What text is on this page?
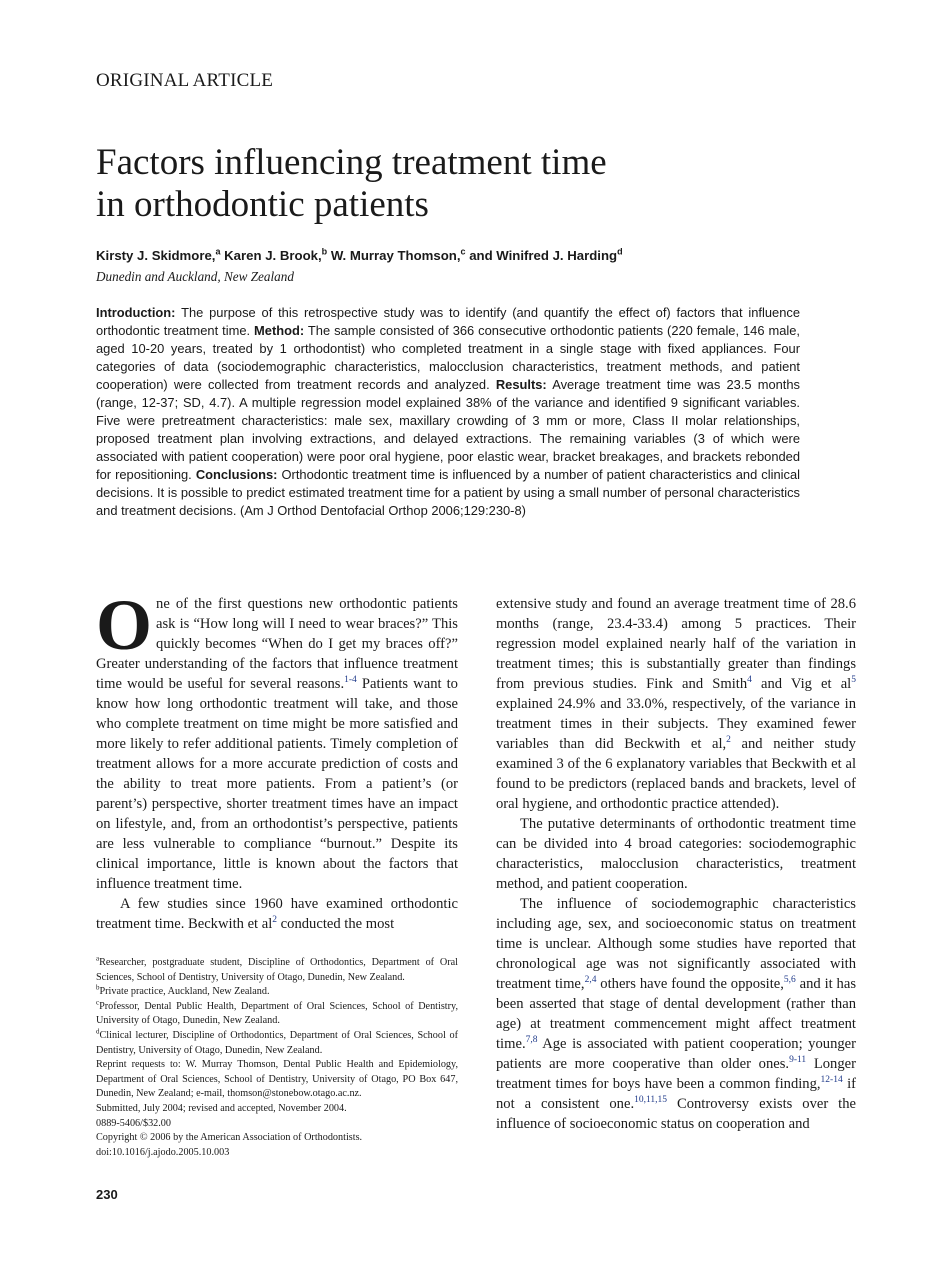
ORIGINAL ARTICLE
Factors influencing treatment time
in orthodontic patients
Kirsty J. Skidmore,$^a$ Karen J. Brook,$^b$ W. Murray Thomson,$^c$ and Winifred J. Harding$^d$
Dunedin and Auckland, New Zealand

Introduction: The purpose of this retrospective study was to identify (and quantify the effect of) factors that influence orthodontic treatment time. Method: The sample consisted of 366 consecutive orthodontic patients (220 female, 146 male, aged 10-20 years, treated by 1 orthodontist) who completed treatment in a single stage with fixed appliances. Four categories of data (sociodemographic characteristics, malocclusion characteristics, treatment methods, and patient cooperation) were collected from treatment records and analyzed. Results: Average treatment time was 23.5 months (range, 12-37; SD, 4.7). A multiple regression model explained 38% of the variance and identified 9 significant variables. Five were pretreatment characteristics: male sex, maxillary crowding of 3 mm or more, Class II molar relationships, proposed treatment plan involving extractions, and delayed extractions. The remaining variables (3 of which were associated with patient cooperation) were poor oral hygiene, poor elastic wear, bracket breakages, and brackets rebonded for repositioning. Conclusions: Orthodontic treatment time is influenced by a number of patient characteristics and clinical decisions. It is possible to predict estimated treatment time for a patient by using a small number of personal characteristics and treatment decisions. (Am J Orthod Dentofacial Orthop 2006;129:230-8)

One of the first questions new orthodontic patients ask is “How long will I need to wear braces?” This quickly becomes “When do I get my braces off?” Greater understanding of the factors that influence treatment time would be useful for several reasons.$^{1-4}$ Patients want to know how long orthodontic treatment will take, and those who complete treatment on time might be more satisfied and more likely to refer additional patients. Timely completion of treatment allows for a more accurate prediction of costs and the ability to treat more patients. From a patient’s (or parent’s) perspective, shorter treatment times have an impact on lifestyle, and, from an orthodontist’s perspective, patients are less vulnerable to compliance “burnout.” Despite its clinical importance, little is known about the factors that influence treatment time.

A few studies since 1960 have examined orthodontic treatment time. Beckwith et al$^2$ conducted the most

$^a$Researcher, postgraduate student, Discipline of Orthodontics, Department of Oral Sciences, School of Dentistry, University of Otago, Dunedin, New Zealand.

$^b$Private practice, Auckland, New Zealand.

$^c$Professor, Dental Public Health, Department of Oral Sciences, School of Dentistry, University of Otago, Dunedin, New Zealand.

$^d$Clinical lecturer, Discipline of Orthodontics, Department of Oral Sciences, School of Dentistry, University of Otago, Dunedin, New Zealand.

Reprint requests to: W. Murray Thomson, Dental Public Health and Epidemiology, Department of Oral Sciences, School of Dentistry, University of Otago, PO Box 647, Dunedin, New Zealand; e-mail, thomson@stonebow.otago.ac.nz.

Submitted, July 2004; revised and accepted, November 2004.

0889-5406/$32.00

Copyright © 2006 by the American Association of Orthodontists.

doi:10.1016/j.ajodo.2005.10.003

extensive study and found an average treatment time of 28.6 months (range, 23.4-33.4) among 5 practices. Their regression model explained nearly half of the variation in treatment times; this is substantially greater than findings from previous studies. Fink and Smith$^4$ and Vig et al$^5$ explained 24.9% and 33.0%, respectively, of the variance in treatment times in their subjects. They examined fewer variables than did Beckwith et al,$^2$ and neither study examined 3 of the 6 explanatory variables that Beckwith et al found to be predictors (replaced bands and brackets, level of oral hygiene, and orthodontic practice attended).

The putative determinants of orthodontic treatment time can be divided into 4 broad categories: sociodemographic characteristics, malocclusion characteristics, treatment method, and patient cooperation.

The influence of sociodemographic characteristics including age, sex, and socioeconomic status on treatment time is unclear. Although some studies have reported that chronological age was not significantly associated with treatment time,$^{2,4}$ others have found the opposite,$^{5,6}$ and it has been asserted that stage of dental development (rather than age) at treatment commencement might affect treatment time.$^{7,8}$ Age is associated with patient cooperation; younger patients are more cooperative than older ones.$^{9-11}$ Longer treatment times for boys have been a common finding,$^{12-14}$ if not a consistent one.$^{10,11,15}$ Controversy exists over the influence of socioeconomic status on cooperation and

230
